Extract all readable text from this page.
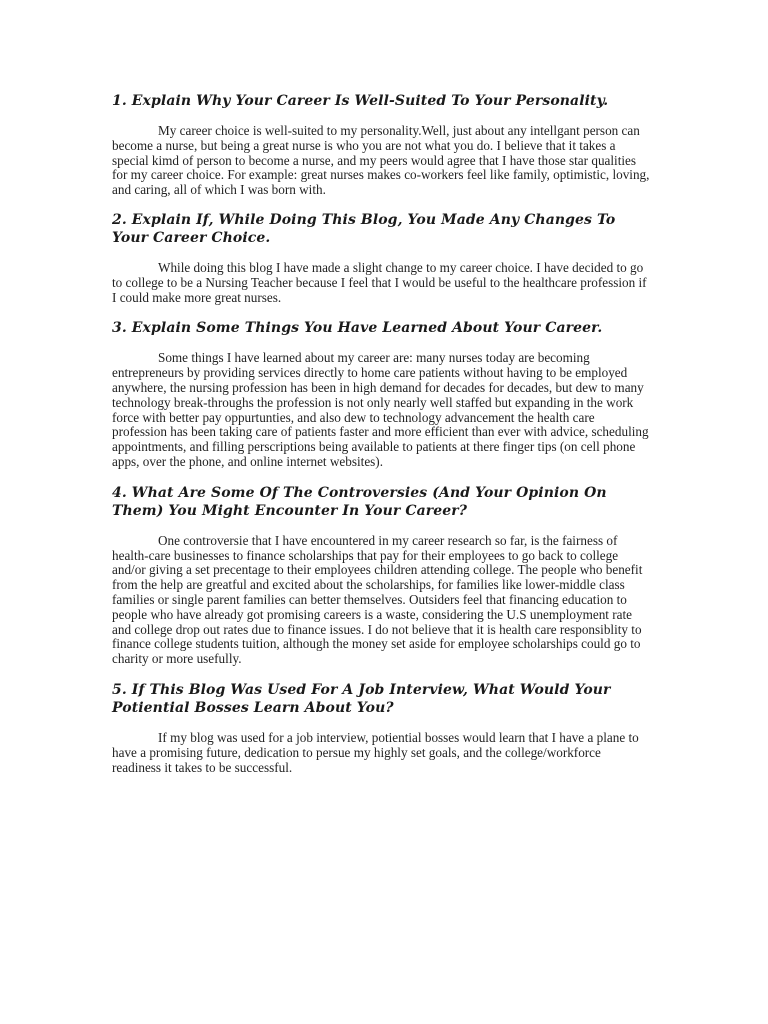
1. Explain Why Your Career Is Well-Suited To Your Personality.

My career choice is well-suited to my personality.Well, just about any intellgant person can become a nurse, but being a great nurse is who you are not what you do. I believe that it takes a special kimd of person to become a nurse, and my peers would agree that I have those star qualities for my career choice. For example: great nurses makes co-workers feel like family, optimistic, loving, and caring, all of which I was born with.

2. Explain If, While Doing This Blog, You Made Any Changes To Your Career Choice.

While doing this blog I have made a slight change to my career choice. I have decided to go to college to be a Nursing Teacher because I feel that I would be useful to the healthcare profession if I could make more great nurses.

3. Explain Some Things You Have Learned About Your Career.

Some things I have learned about my career are: many nurses today are becoming entrepreneurs by providing services directly to home care patients without having to be employed anywhere, the nursing profession has been in high demand for decades for decades, but dew to many technology break-throughs the profession is not only nearly well staffed but expanding in the work force with better pay oppurtunties, and also dew to technology advancement the health care profession has been taking care of patients faster and more efficient than ever with advice, scheduling appointments, and filling perscriptions being available to patients at there finger tips (on cell phone apps, over the phone, and online internet websites).

4. What Are Some Of The Controversies (And Your Opinion On Them) You Might Encounter In Your Career?

One controversie that I have encountered in my career research so far, is the fairness of health-care businesses to finance scholarships that pay for their employees to go back to college and/or giving a set precentage to their employees children attending college. The people who benefit from the help are greatful and excited about the scholarships, for families like lower-middle class families or single parent families can better themselves. Outsiders feel that financing education to people who have already got promising careers is a waste, considering the U.S unemployment rate and college drop out rates due to finance issues. I do not believe that it is health care responsiblity to finance college students tuition, although the money set aside for employee scholarships could go to charity or more usefully.

5. If This Blog Was Used For A Job Interview, What Would Your Potiential Bosses Learn About You?

If my blog was used for a job interview, potiential bosses would learn that I have a plane to have a promising future, dedication to persue my highly set goals, and the college/workforce readiness it takes to be successful.
